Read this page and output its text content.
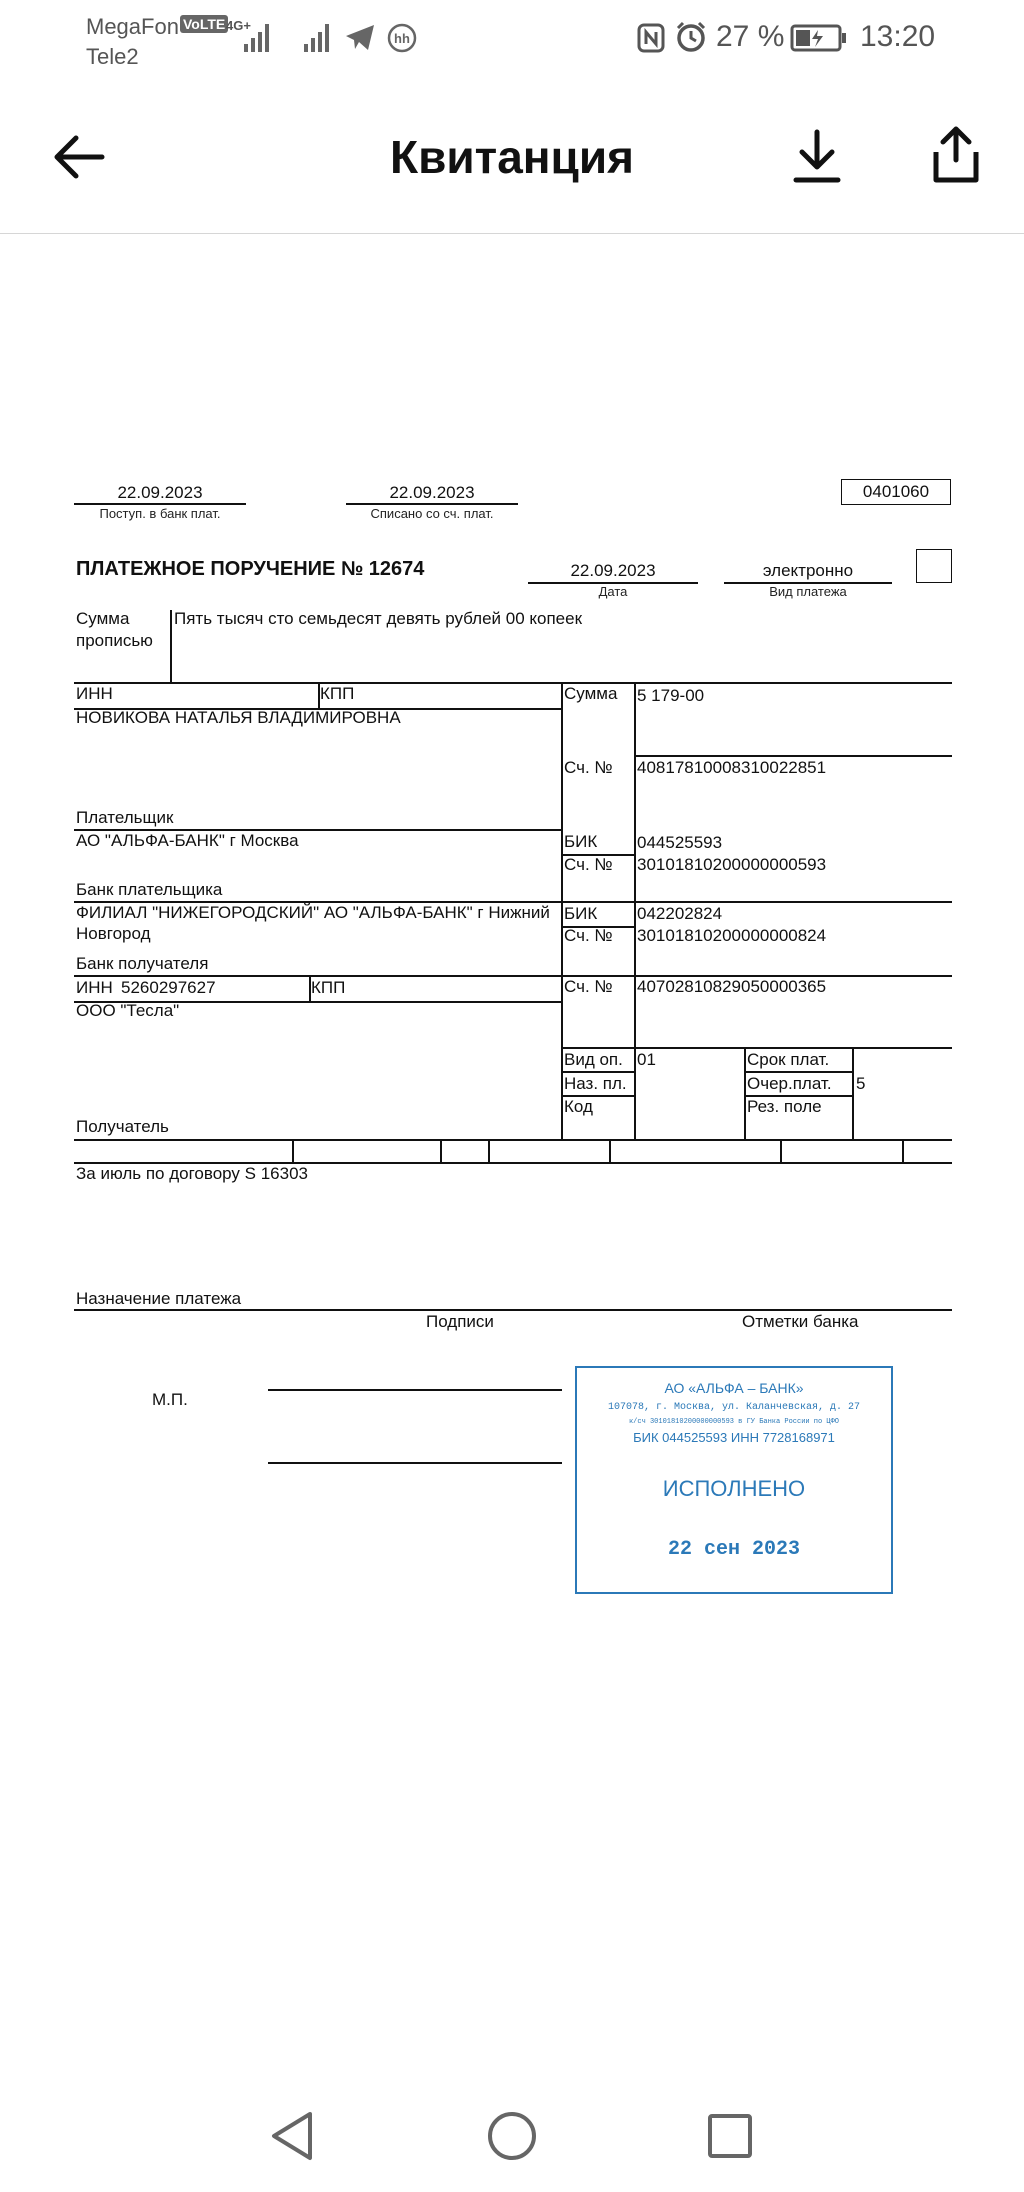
MegaFon VoLTE 4G+
Tele2
hh	27 %	13:20
Квитанция
22.09.2023
Поступ. в банк плат.
22.09.2023
Списано со сч. плат.
0401060
ПЛАТЕЖНОЕ ПОРУЧЕНИЕ № 12674	22.09.2023
Дата
электронно
Вид платежа
Сумма
прописью
Пять тысяч сто семьдесят девять рублей 00 копеек
ИНН	КПП	Сумма 5 179-00
НОВИКОВА НАТАЛЬЯ ВЛАДИМИРОВНА
Сч. № 40817810008310022851
Плательщик
АО "АЛЬФА-БАНК" г Москва	БИК 044525593
Сч. № 30101810200000000593
Банк плательщика
ФИЛИАЛ "НИЖЕГОРОДСКИЙ" АО "АЛЬФА-БАНК" г Нижний
Новгород
БИК 042202824
Сч. № 30101810200000000824
Банк получателя
ИНН 5260297627	КПП	Сч. № 40702810829050000365
ООО "Тесла"
Вид оп. 01	Срок плат.
Наз. пл.	Очер.плат. 5
Код	Рез. поле
Получатель
За июль по договору S 16303
Назначение платежа
Подписи	Отметки банка
М.П.
АО «АЛЬФА – БАНК»
107078, г. Москва, ул. Каланчевская, д. 27
к/сч 30101810200000000593 в ГУ Банка России по ЦФО
БИК 044525593 ИНН 7728168971
ИСПОЛНЕНО
22 сен 2023
